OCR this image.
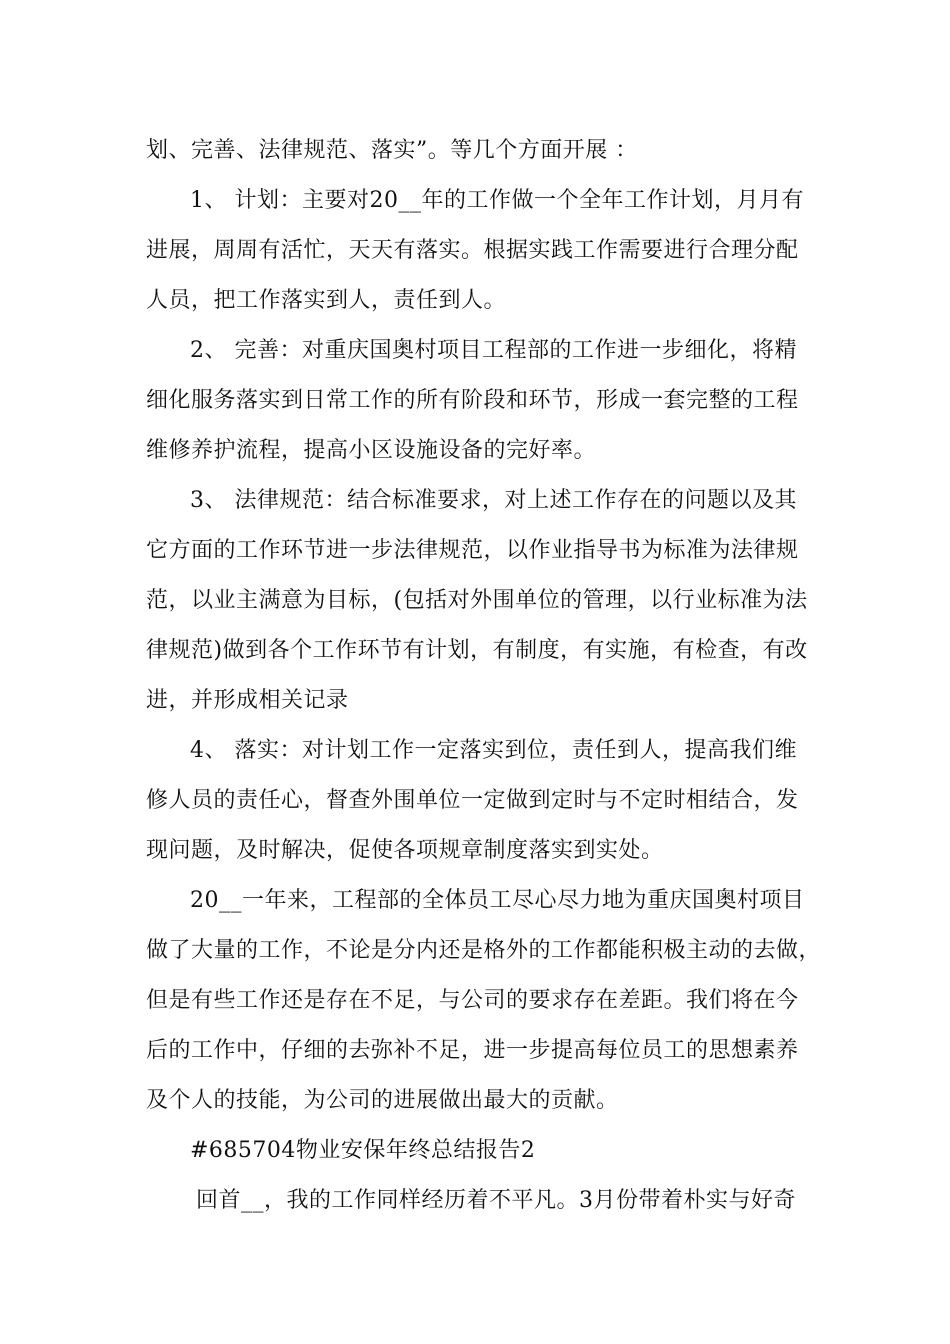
划、完善、法律规范、落实”。等几个方面开展 ：
1、 计划：主要对20__年的工作做一个全年工作计划，月月有
进展，周周有活忙，天天有落实。根据实践工作需要进行合理分配
人员，把工作落实到人，责任到人。
2、 完善：对重庆国奥村项目工程部的工作进一步细化，将精
细化服务落实到日常工作的所有阶段和环节，形成一套完整的工程
维修养护流程，提高小区设施设备的完好率。
3、 法律规范：结合标准要求，对上述工作存在的问题以及其
它方面的工作环节进一步法律规范，以作业指导书为标准为法律规
范，以业主满意为目标，(包括对外围单位的管理，以行业标准为法
律规范)做到各个工作环节有计划，有制度，有实施，有检查，有改
进，并形成相关记录
4、 落实：对计划工作一定落实到位，责任到人，提高我们维
修人员的责任心，督查外围单位一定做到定时与不定时相结合，发
现问题，及时解决，促使各项规章制度落实到实处。
20__一年来，工程部的全体员工尽心尽力地为重庆国奥村项目
做了大量的工作，不论是分内还是格外的工作都能积极主动的去做，
但是有些工作还是存在不足，与公司的要求存在差距。我们将在今
后的工作中，仔细的去弥补不足，进一步提高每位员工的思想素养
及个人的技能，为公司的进展做出最大的贡献。
#685704物业安保年终总结报告2
回首__，我的工作同样经历着不平凡。3月份带着朴实与好奇
